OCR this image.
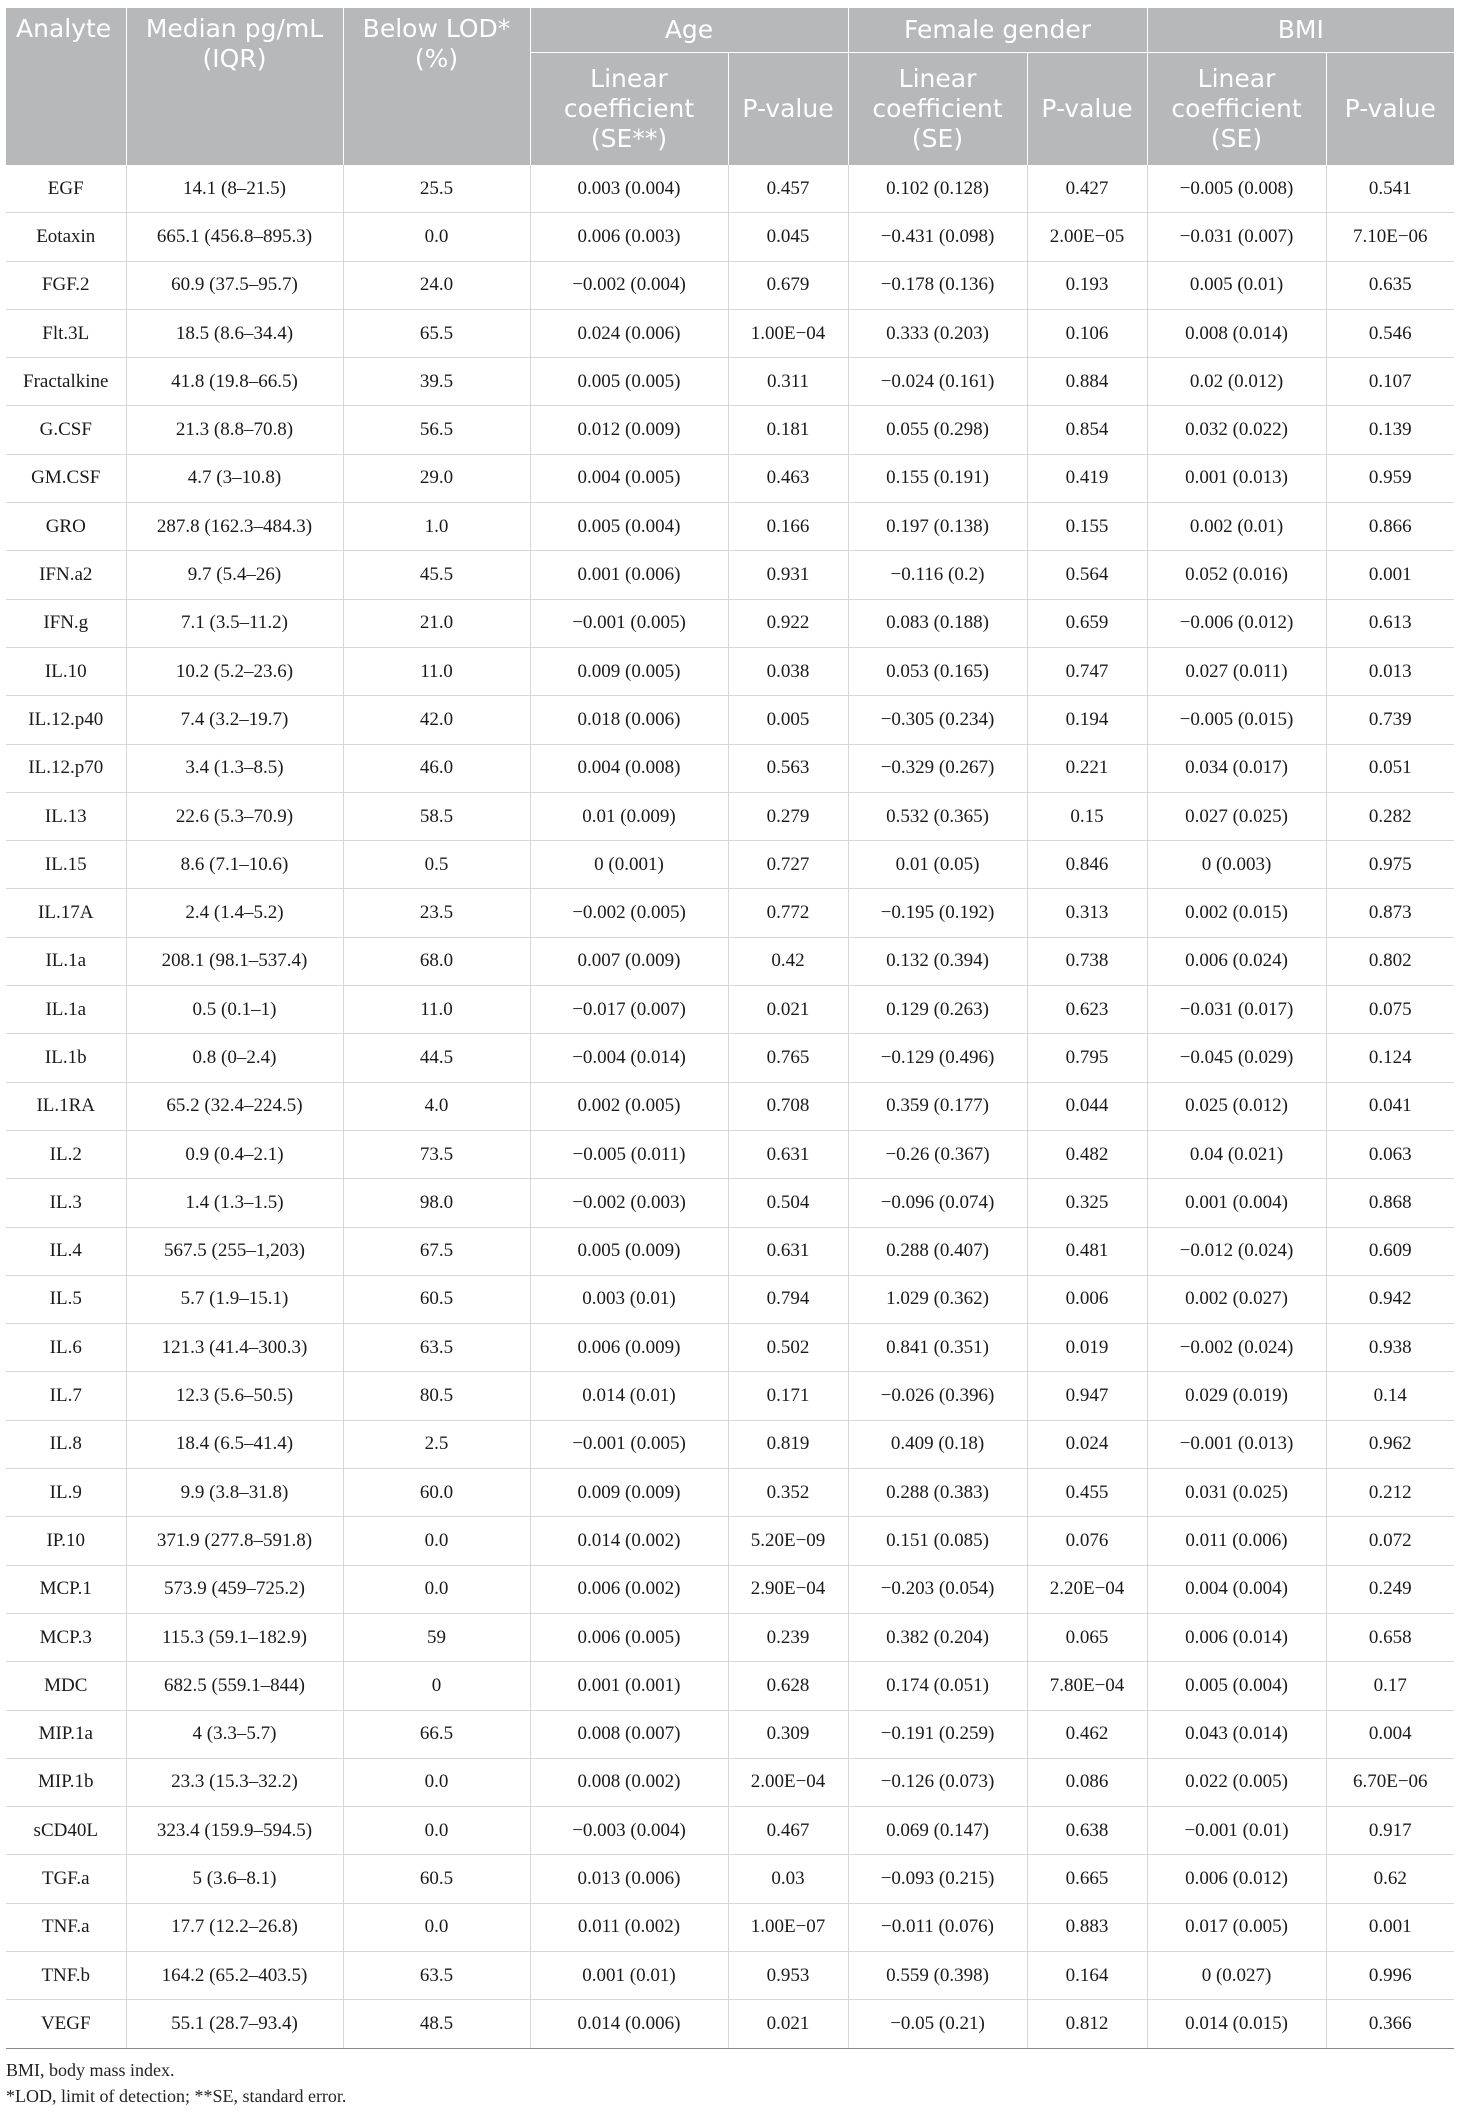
Analyte	Median pg/mL (IQR)	Below LOD* (%)	Age		Female gender		BMI	
			Linear coefficient (SE**)	P-value	Linear coefficient (SE)	P-value	Linear coefficient (SE)	P-value
EGF	14.1 (8–21.5)	25.5	0.003 (0.004)	0.457	0.102 (0.128)	0.427	−0.005 (0.008)	0.541
Eotaxin	665.1 (456.8–895.3)	0.0	0.006 (0.003)	0.045	−0.431 (0.098)	2.00E−05	−0.031 (0.007)	7.10E−06
FGF.2	60.9 (37.5–95.7)	24.0	−0.002 (0.004)	0.679	−0.178 (0.136)	0.193	0.005 (0.01)	0.635
Flt.3L	18.5 (8.6–34.4)	65.5	0.024 (0.006)	1.00E−04	0.333 (0.203)	0.106	0.008 (0.014)	0.546
Fractalkine	41.8 (19.8–66.5)	39.5	0.005 (0.005)	0.311	−0.024 (0.161)	0.884	0.02 (0.012)	0.107
G.CSF	21.3 (8.8–70.8)	56.5	0.012 (0.009)	0.181	0.055 (0.298)	0.854	0.032 (0.022)	0.139
GM.CSF	4.7 (3–10.8)	29.0	0.004 (0.005)	0.463	0.155 (0.191)	0.419	0.001 (0.013)	0.959
GRO	287.8 (162.3–484.3)	1.0	0.005 (0.004)	0.166	0.197 (0.138)	0.155	0.002 (0.01)	0.866
IFN.a2	9.7 (5.4–26)	45.5	0.001 (0.006)	0.931	−0.116 (0.2)	0.564	0.052 (0.016)	0.001
IFN.g	7.1 (3.5–11.2)	21.0	−0.001 (0.005)	0.922	0.083 (0.188)	0.659	−0.006 (0.012)	0.613
IL.10	10.2 (5.2–23.6)	11.0	0.009 (0.005)	0.038	0.053 (0.165)	0.747	0.027 (0.011)	0.013
IL.12.p40	7.4 (3.2–19.7)	42.0	0.018 (0.006)	0.005	−0.305 (0.234)	0.194	−0.005 (0.015)	0.739
IL.12.p70	3.4 (1.3–8.5)	46.0	0.004 (0.008)	0.563	−0.329 (0.267)	0.221	0.034 (0.017)	0.051
IL.13	22.6 (5.3–70.9)	58.5	0.01 (0.009)	0.279	0.532 (0.365)	0.15	0.027 (0.025)	0.282
IL.15	8.6 (7.1–10.6)	0.5	0 (0.001)	0.727	0.01 (0.05)	0.846	0 (0.003)	0.975
IL.17A	2.4 (1.4–5.2)	23.5	−0.002 (0.005)	0.772	−0.195 (0.192)	0.313	0.002 (0.015)	0.873
IL.1a	208.1 (98.1–537.4)	68.0	0.007 (0.009)	0.42	0.132 (0.394)	0.738	0.006 (0.024)	0.802
IL.1a	0.5 (0.1–1)	11.0	−0.017 (0.007)	0.021	0.129 (0.263)	0.623	−0.031 (0.017)	0.075
IL.1b	0.8 (0–2.4)	44.5	−0.004 (0.014)	0.765	−0.129 (0.496)	0.795	−0.045 (0.029)	0.124
IL.1RA	65.2 (32.4–224.5)	4.0	0.002 (0.005)	0.708	0.359 (0.177)	0.044	0.025 (0.012)	0.041
IL.2	0.9 (0.4–2.1)	73.5	−0.005 (0.011)	0.631	−0.26 (0.367)	0.482	0.04 (0.021)	0.063
IL.3	1.4 (1.3–1.5)	98.0	−0.002 (0.003)	0.504	−0.096 (0.074)	0.325	0.001 (0.004)	0.868
IL.4	567.5 (255–1,203)	67.5	0.005 (0.009)	0.631	0.288 (0.407)	0.481	−0.012 (0.024)	0.609
IL.5	5.7 (1.9–15.1)	60.5	0.003 (0.01)	0.794	1.029 (0.362)	0.006	0.002 (0.027)	0.942
IL.6	121.3 (41.4–300.3)	63.5	0.006 (0.009)	0.502	0.841 (0.351)	0.019	−0.002 (0.024)	0.938
IL.7	12.3 (5.6–50.5)	80.5	0.014 (0.01)	0.171	−0.026 (0.396)	0.947	0.029 (0.019)	0.14
IL.8	18.4 (6.5–41.4)	2.5	−0.001 (0.005)	0.819	0.409 (0.18)	0.024	−0.001 (0.013)	0.962
IL.9	9.9 (3.8–31.8)	60.0	0.009 (0.009)	0.352	0.288 (0.383)	0.455	0.031 (0.025)	0.212
IP.10	371.9 (277.8–591.8)	0.0	0.014 (0.002)	5.20E−09	0.151 (0.085)	0.076	0.011 (0.006)	0.072
MCP.1	573.9 (459–725.2)	0.0	0.006 (0.002)	2.90E−04	−0.203 (0.054)	2.20E−04	0.004 (0.004)	0.249
MCP.3	115.3 (59.1–182.9)	59	0.006 (0.005)	0.239	0.382 (0.204)	0.065	0.006 (0.014)	0.658
MDC	682.5 (559.1–844)	0	0.001 (0.001)	0.628	0.174 (0.051)	7.80E−04	0.005 (0.004)	0.17
MIP.1a	4 (3.3–5.7)	66.5	0.008 (0.007)	0.309	−0.191 (0.259)	0.462	0.043 (0.014)	0.004
MIP.1b	23.3 (15.3–32.2)	0.0	0.008 (0.002)	2.00E−04	−0.126 (0.073)	0.086	0.022 (0.005)	6.70E−06
sCD40L	323.4 (159.9–594.5)	0.0	−0.003 (0.004)	0.467	0.069 (0.147)	0.638	−0.001 (0.01)	0.917
TGF.a	5 (3.6–8.1)	60.5	0.013 (0.006)	0.03	−0.093 (0.215)	0.665	0.006 (0.012)	0.62
TNF.a	17.7 (12.2–26.8)	0.0	0.011 (0.002)	1.00E−07	−0.011 (0.076)	0.883	0.017 (0.005)	0.001
TNF.b	164.2 (65.2–403.5)	63.5	0.001 (0.01)	0.953	0.559 (0.398)	0.164	0 (0.027)	0.996
VEGF	55.1 (28.7–93.4)	48.5	0.014 (0.006)	0.021	−0.05 (0.21)	0.812	0.014 (0.015)	0.366
BMI, body mass index.
*LOD, limit of detection; **SE, standard error.
